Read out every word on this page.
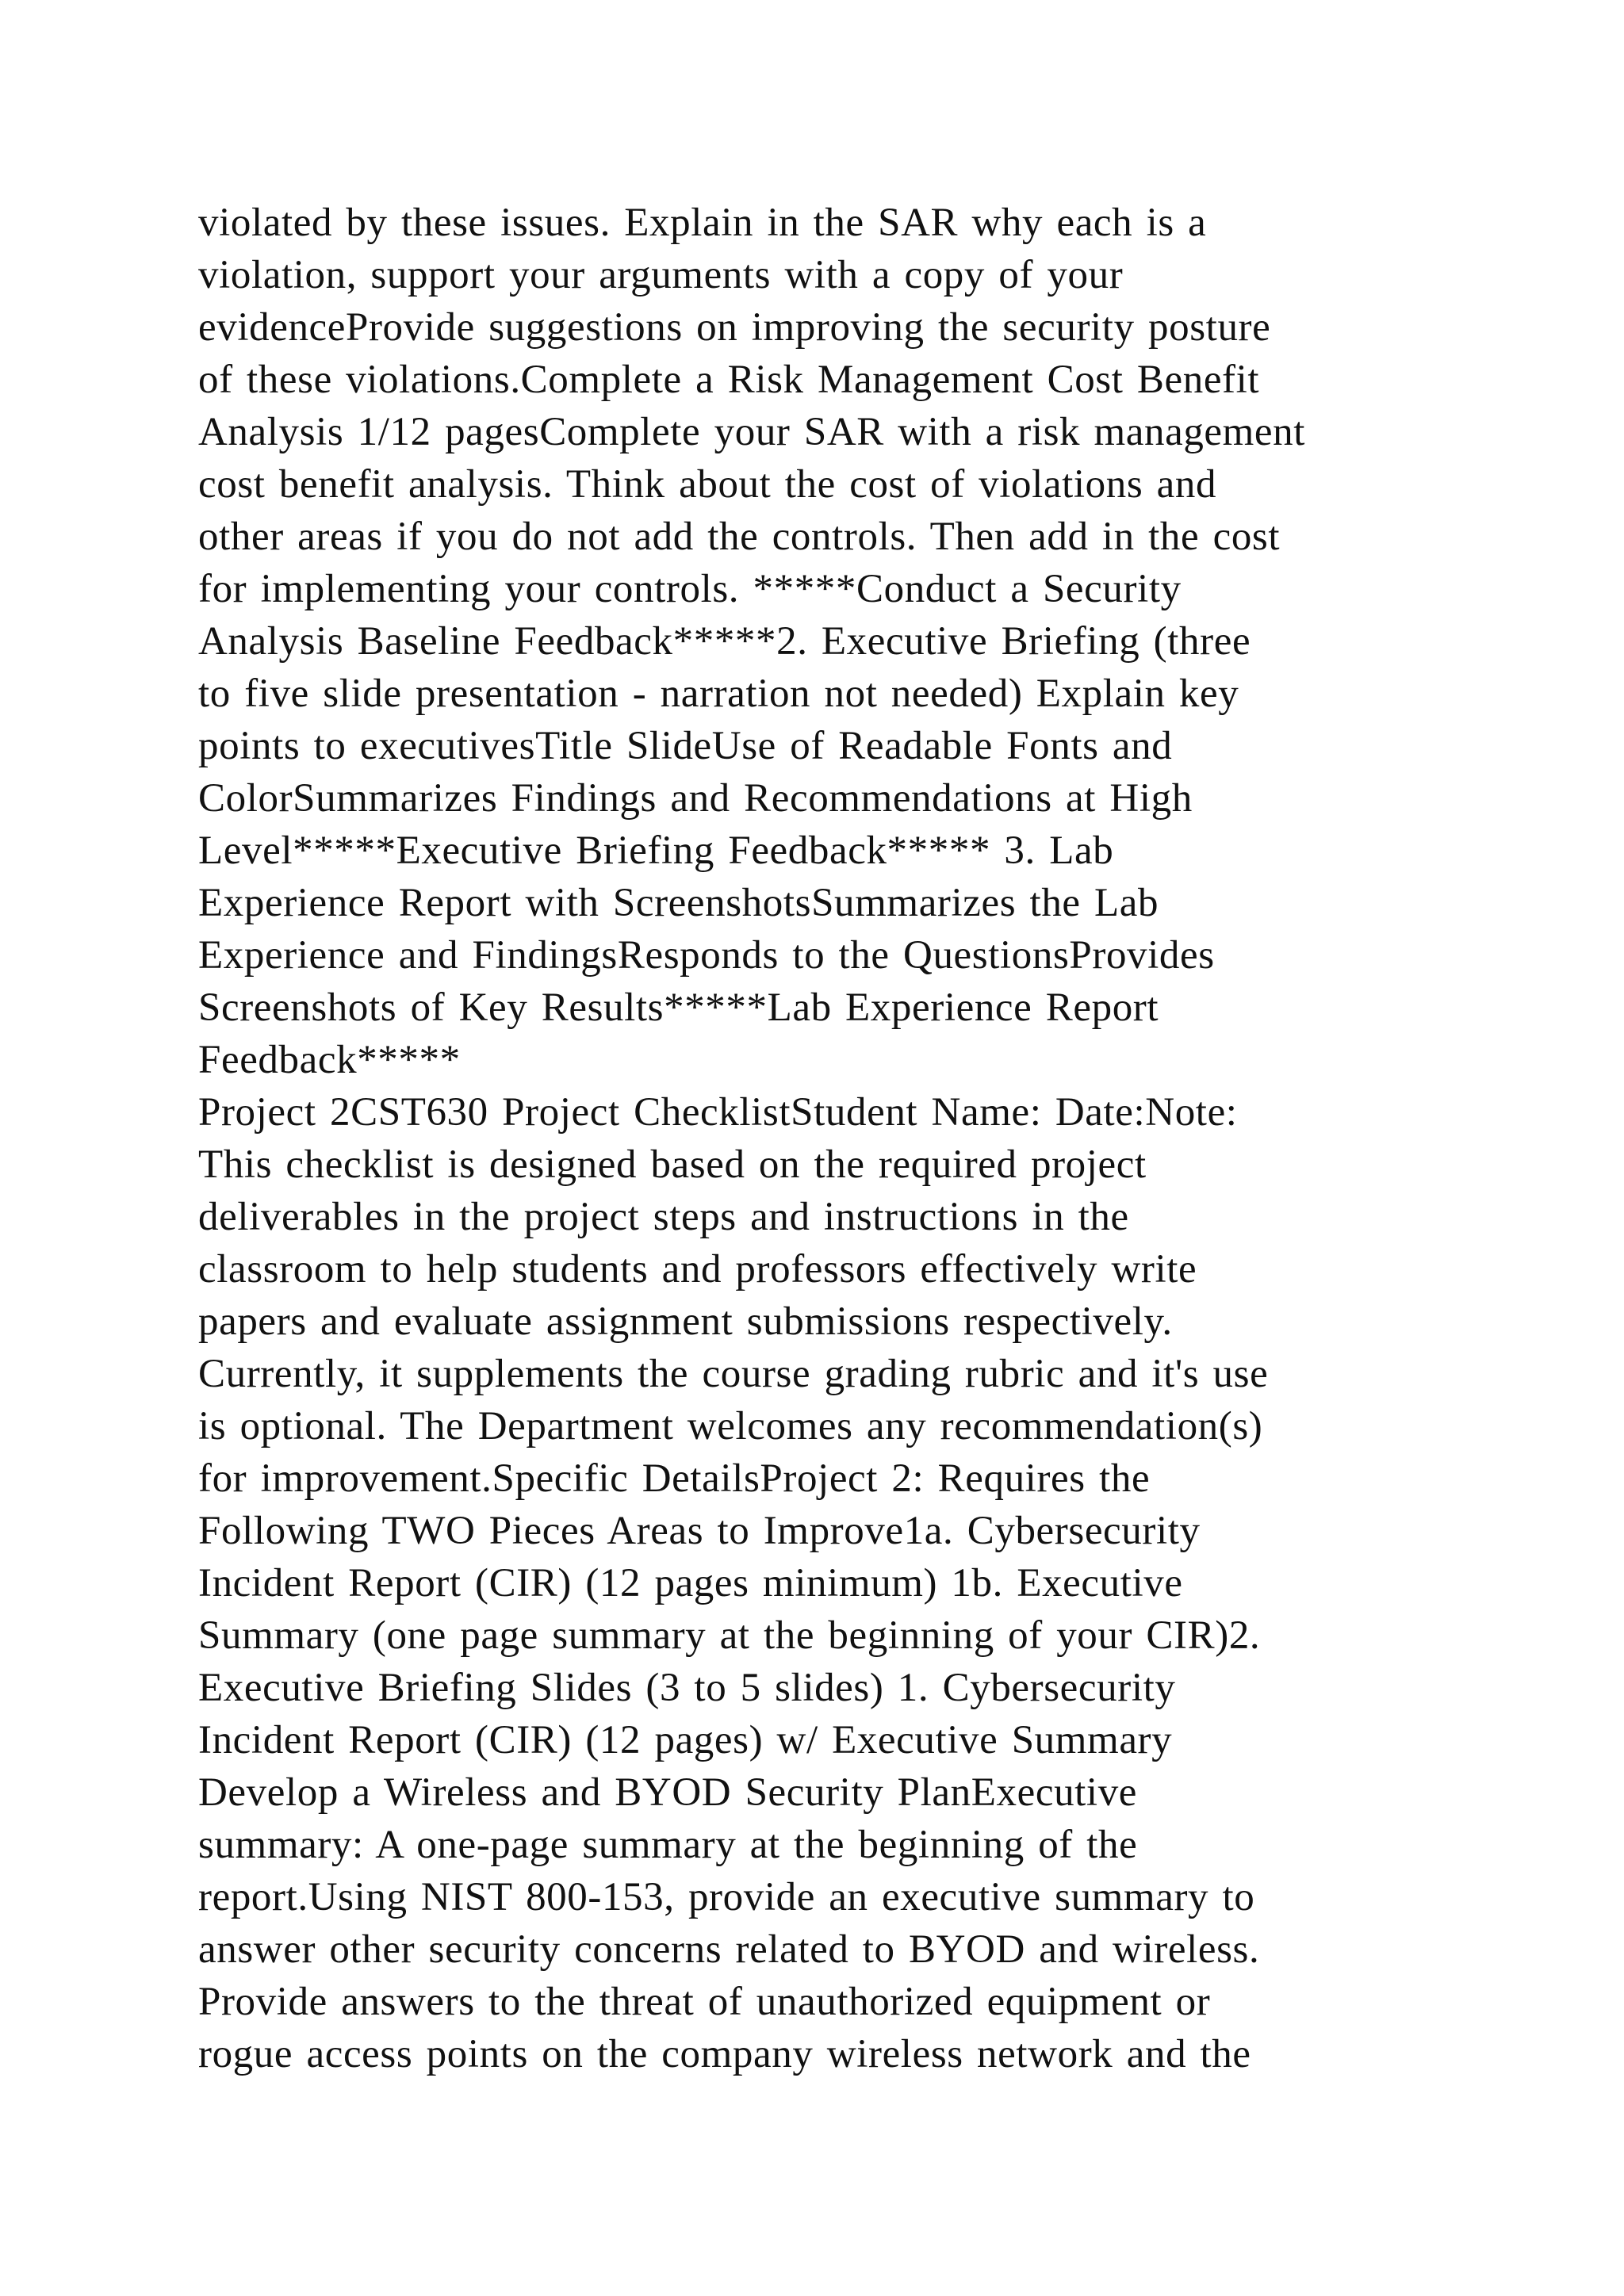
violated by these issues. Explain in the SAR why each is a
violation, support your arguments with a copy of your
evidenceProvide suggestions on improving the security posture
of these violations.Complete a Risk Management Cost Benefit
Analysis 1/12 pagesComplete your SAR with a risk management
cost benefit analysis. Think about the cost of violations and
other areas if you do not add the controls. Then add in the cost
for implementing your controls. *****Conduct a Security
Analysis Baseline Feedback*****2. Executive Briefing (three
to five slide presentation - narration not needed) Explain key
points to executivesTitle SlideUse of Readable Fonts and
ColorSummarizes Findings and Recommendations at High
Level*****Executive Briefing Feedback***** 3. Lab
Experience Report with ScreenshotsSummarizes the Lab
Experience and FindingsResponds to the QuestionsProvides
Screenshots of Key Results*****Lab Experience Report
Feedback*****
Project 2CST630 Project ChecklistStudent Name: Date:Note:
This checklist is designed based on the required project
deliverables in the project steps and instructions in the
classroom to help students and professors effectively write
papers and evaluate assignment submissions respectively.
Currently, it supplements the course grading rubric and it's use
is optional. The Department welcomes any recommendation(s)
for improvement.Specific DetailsProject 2: Requires the
Following TWO Pieces Areas to Improve1a. Cybersecurity
Incident Report (CIR) (12 pages minimum) 1b. Executive
Summary (one page summary at the beginning of your CIR)2.
Executive Briefing Slides (3 to 5 slides) 1. Cybersecurity
Incident Report (CIR) (12 pages) w/ Executive Summary
Develop a Wireless and BYOD Security PlanExecutive
summary: A one-page summary at the beginning of the
report.Using NIST 800-153, provide an executive summary to
answer other security concerns related to BYOD and wireless.
Provide answers to the threat of unauthorized equipment or
rogue access points on the company wireless network and the
